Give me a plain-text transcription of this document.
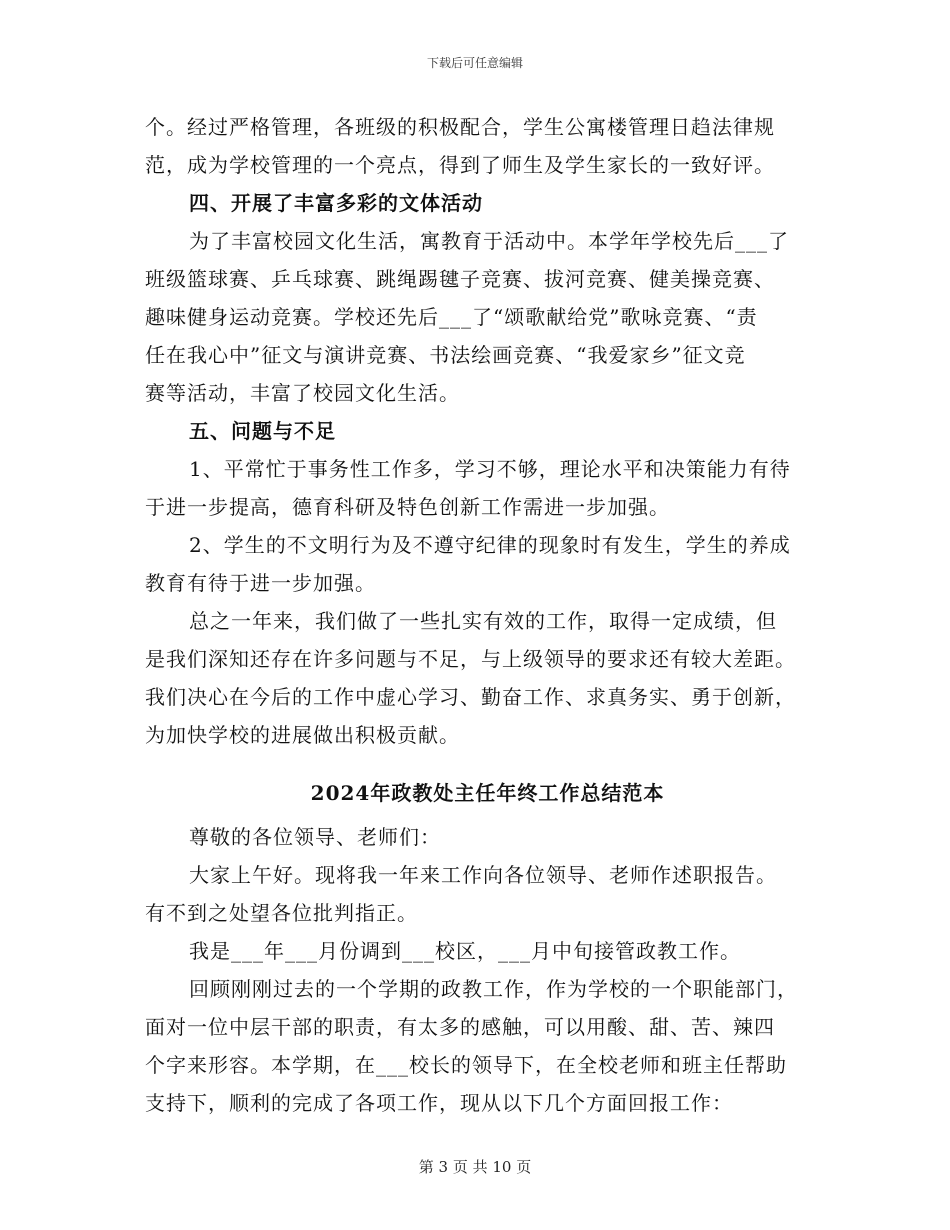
下载后可任意编辑

个。经过严格管理，各班级的积极配合，学生公寓楼管理日趋法律规

范，成为学校管理的一个亮点，得到了师生及学生家长的一致好评。

四、开展了丰富多彩的文体活动

为了丰富校园文化生活，寓教育于活动中。本学年学校先后___了

班级篮球赛、乒乓球赛、跳绳踢毽子竞赛、拔河竞赛、健美操竞赛、

趣味健身运动竞赛。学校还先后___了“颂歌献给党”歌咏竞赛、“责

任在我心中”征文与演讲竞赛、书法绘画竞赛、“我爱家乡”征文竞

赛等活动，丰富了校园文化生活。

五、问题与不足

1、平常忙于事务性工作多，学习不够，理论水平和决策能力有待

于进一步提高，德育科研及特色创新工作需进一步加强。

2、学生的不文明行为及不遵守纪律的现象时有发生，学生的养成

教育有待于进一步加强。

总之一年来，我们做了一些扎实有效的工作，取得一定成绩，但

是我们深知还存在许多问题与不足，与上级领导的要求还有较大差距。

我们决心在今后的工作中虚心学习、勤奋工作、求真务实、勇于创新，

为加快学校的进展做出积极贡献。

2024年政教处主任年终工作总结范本

尊敬的各位领导、老师们：

大家上午好。现将我一年来工作向各位领导、老师作述职报告。

有不到之处望各位批判指正。

我是___年___月份调到___校区，___月中旬接管政教工作。

回顾刚刚过去的一个学期的政教工作，作为学校的一个职能部门，

面对一位中层干部的职责，有太多的感触，可以用酸、甜、苦、辣四

个字来形容。本学期，在___校长的领导下，在全校老师和班主任帮助

支持下，顺利的完成了各项工作，现从以下几个方面回报工作：

第 3 页 共 10 页
